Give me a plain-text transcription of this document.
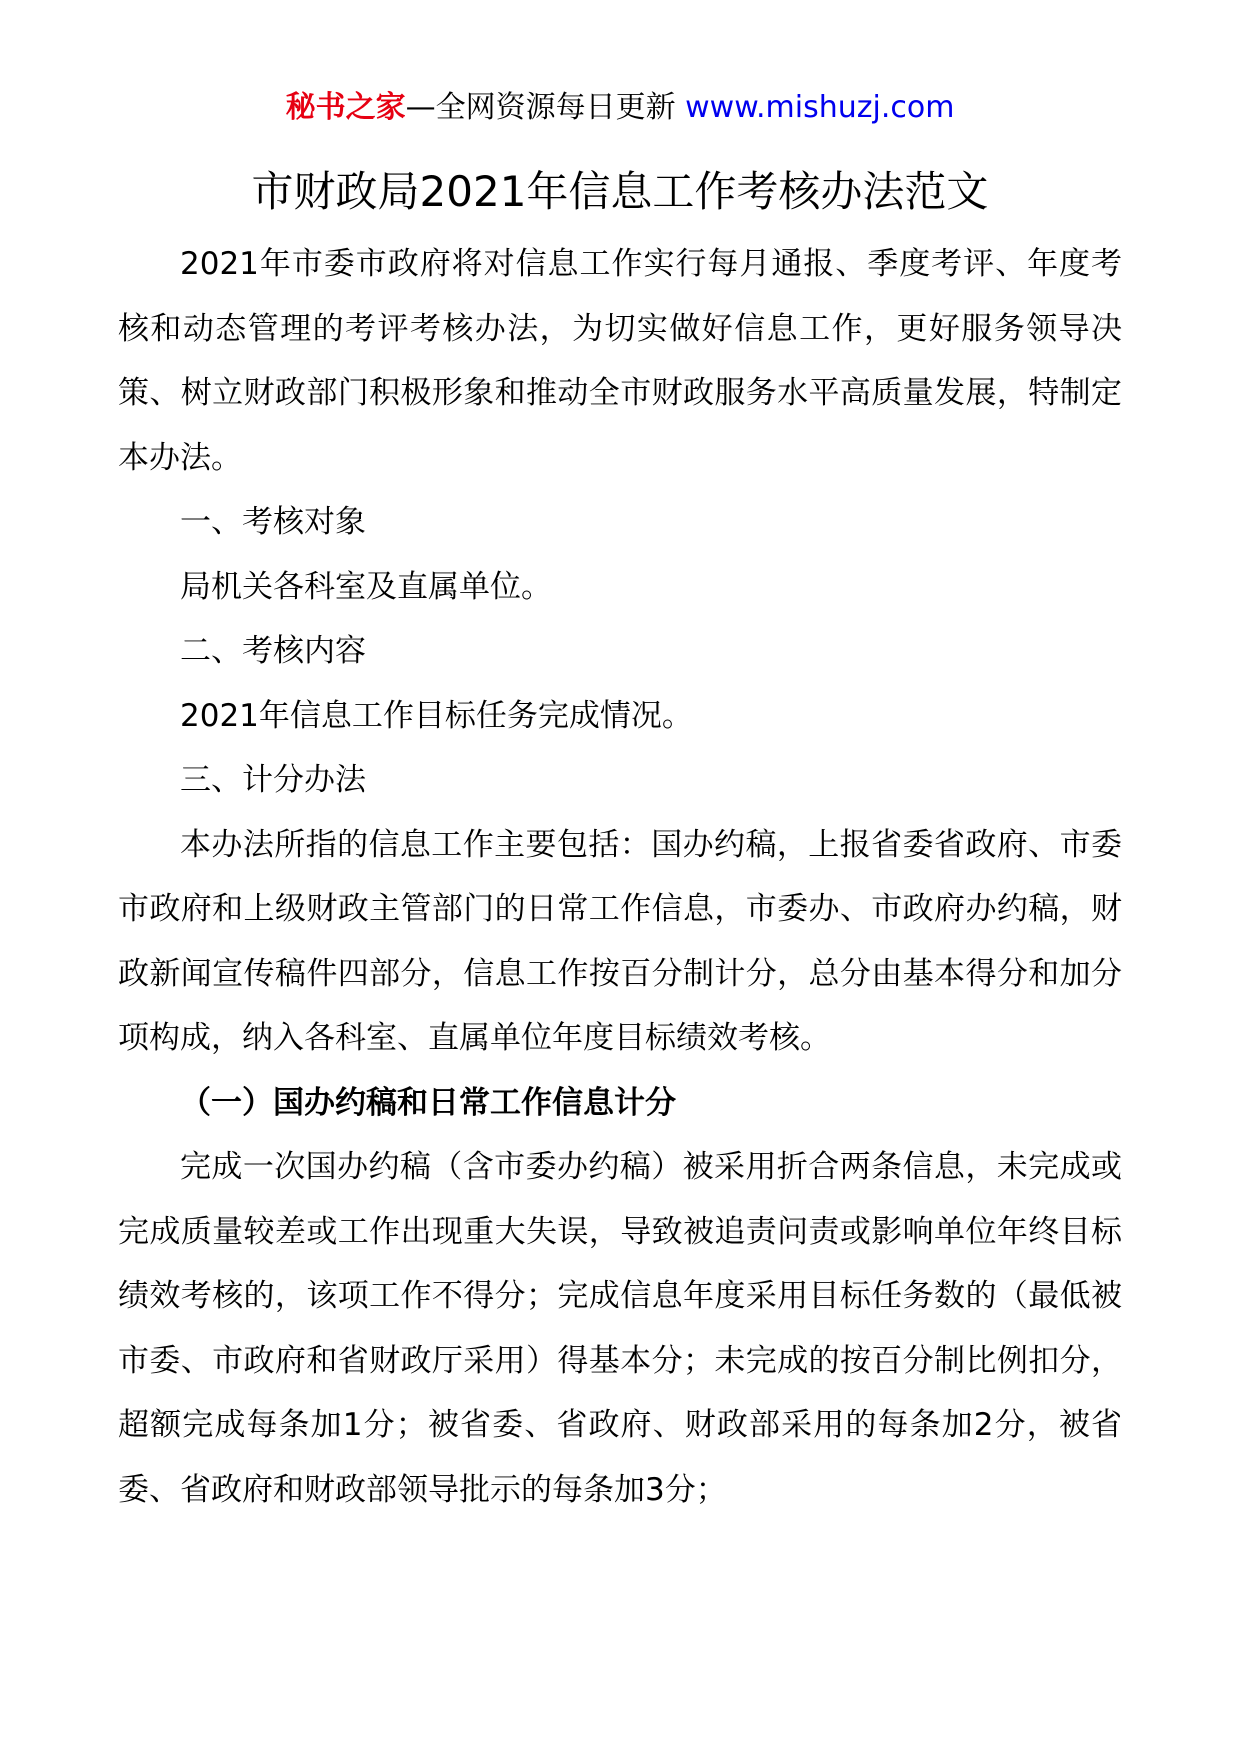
秘书之家—全网资源每日更新 www.mishuzj.com
市财政局2021年信息工作考核办法范文

2021年市委市政府将对信息工作实行每月通报、季度考评、年度考核和动态管理的考评考核办法，为切实做好信息工作，更好服务领导决策、树立财政部门积极形象和推动全市财政服务水平高质量发展，特制定本办法。

一、考核对象

局机关各科室及直属单位。

二、考核内容

2021年信息工作目标任务完成情况。

三、计分办法

本办法所指的信息工作主要包括：国办约稿，上报省委省政府、市委市政府和上级财政主管部门的日常工作信息，市委办、市政府办约稿，财政新闻宣传稿件四部分，信息工作按百分制计分，总分由基本得分和加分项构成，纳入各科室、直属单位年度目标绩效考核。

（一）国办约稿和日常工作信息计分

完成一次国办约稿（含市委办约稿）被采用折合两条信息，未完成或完成质量较差或工作出现重大失误，导致被追责问责或影响单位年终目标绩效考核的，该项工作不得分；完成信息年度采用目标任务数的（最低被市委、市政府和省财政厅采用）得基本分；未完成的按百分制比例扣分，超额完成每条加1分；被省委、省政府、财政部采用的每条加2分，被省委、省政府和财政部领导批示的每条加3分；
